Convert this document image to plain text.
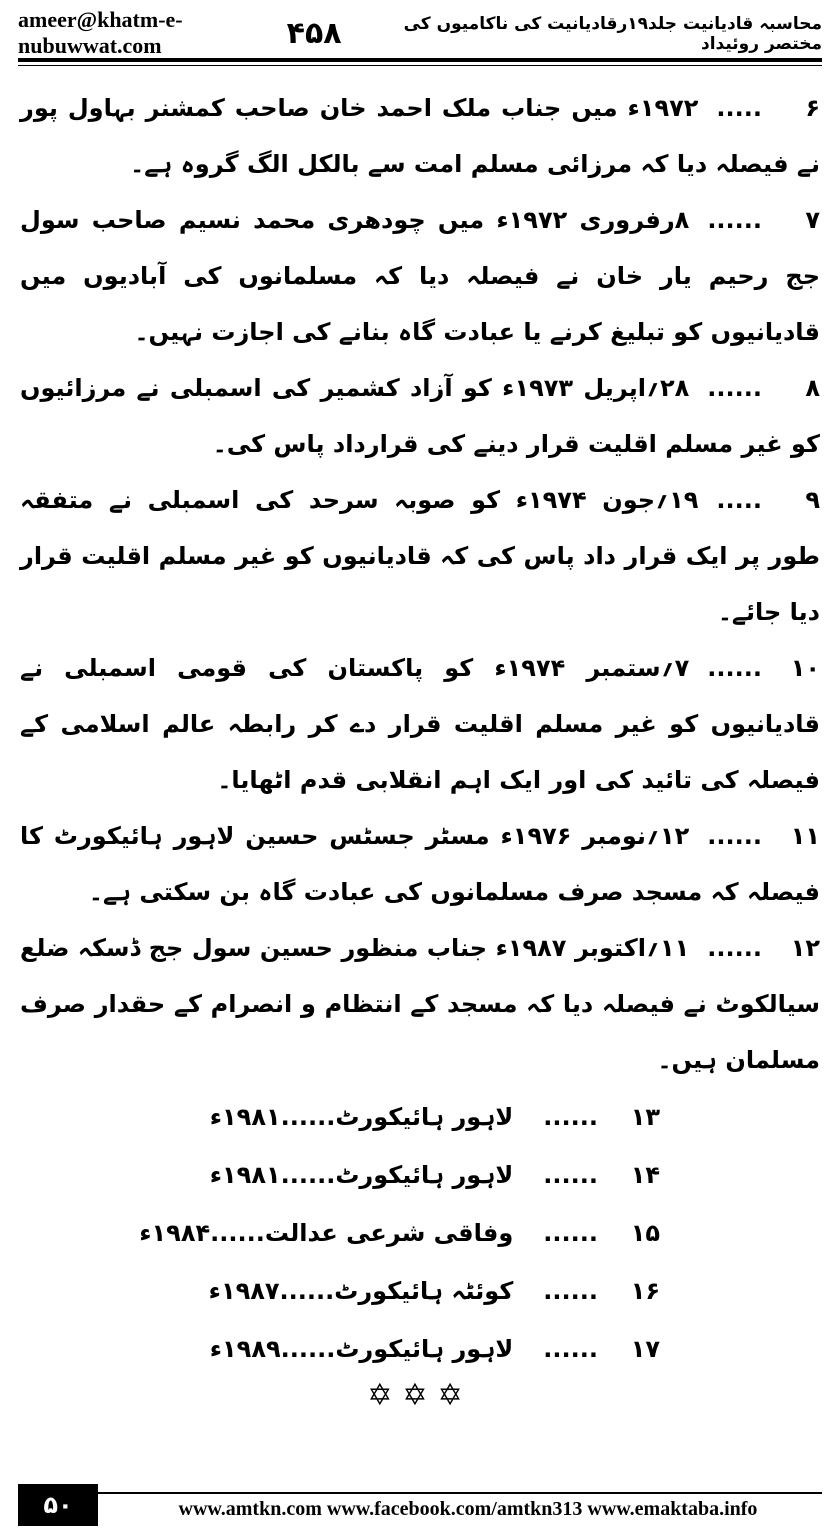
ameer@khatm-e-nubuwwat.com
محاسبہ قادیانیت جلد۱۹رقادیانیت کی ناکامیوں کی مختصر روئیداد
۴۵۸

۶.....۱۹۷۲ء میں جناب ملک احمد خان صاحب کمشنر بہاول پور نے فیصلہ دیا کہ مرزائی مسلم امت سے بالکل الگ گروہ ہے۔

۷......۸رفروری ۱۹۷۲ء میں چودھری محمد نسیم صاحب سول جج رحیم یار خان نے فیصلہ دیا کہ مسلمانوں کی آبادیوں میں قادیانیوں کو تبلیغ کرنے یا عبادت گاہ بنانے کی اجازت نہیں۔

۸......۲۸؍اپریل ۱۹۷۳ء کو آزاد کشمیر کی اسمبلی نے مرزائیوں کو غیر مسلم اقلیت قرار دینے کی قرارداد پاس کی۔

۹.....۱۹؍جون ۱۹۷۴ء کو صوبہ سرحد کی اسمبلی نے متفقہ طور پر ایک قرار داد پاس کی کہ قادیانیوں کو غیر مسلم اقلیت قرار دیا جائے۔

۱۰......۷؍ستمبر ۱۹۷۴ء کو پاکستان کی قومی اسمبلی نے قادیانیوں کو غیر مسلم اقلیت قرار دے کر رابطہ عالم اسلامی کے فیصلہ کی تائید کی اور ایک اہم انقلابی قدم اٹھایا۔

۱۱......۱۲؍نومبر ۱۹۷۶ء مسٹر جسٹس حسین لاہور ہائیکورٹ کا فیصلہ کہ مسجد صرف مسلمانوں کی عبادت گاہ بن سکتی ہے۔

۱۲......۱۱؍اکتوبر ۱۹۸۷ء جناب منظور حسین سول جج ڈسکہ ضلع سیالکوٹ نے فیصلہ دیا کہ مسجد کے انتظام و انصرام کے حقدار صرف مسلمان ہیں۔

۱۳......لاہور ہائیکورٹ......۱۹۸۱ء
۱۴......لاہور ہائیکورٹ......۱۹۸۱ء
۱۵......وفاقی شرعی عدالت......۱۹۸۴ء
۱۶......کوئٹہ ہائیکورٹ......۱۹۸۷ء
۱۷......لاہور ہائیکورٹ......۱۹۸۹ء
✡✡✡
۵۰	www.amtkn.com www.facebook.com/amtkn313 www.emaktaba.info
